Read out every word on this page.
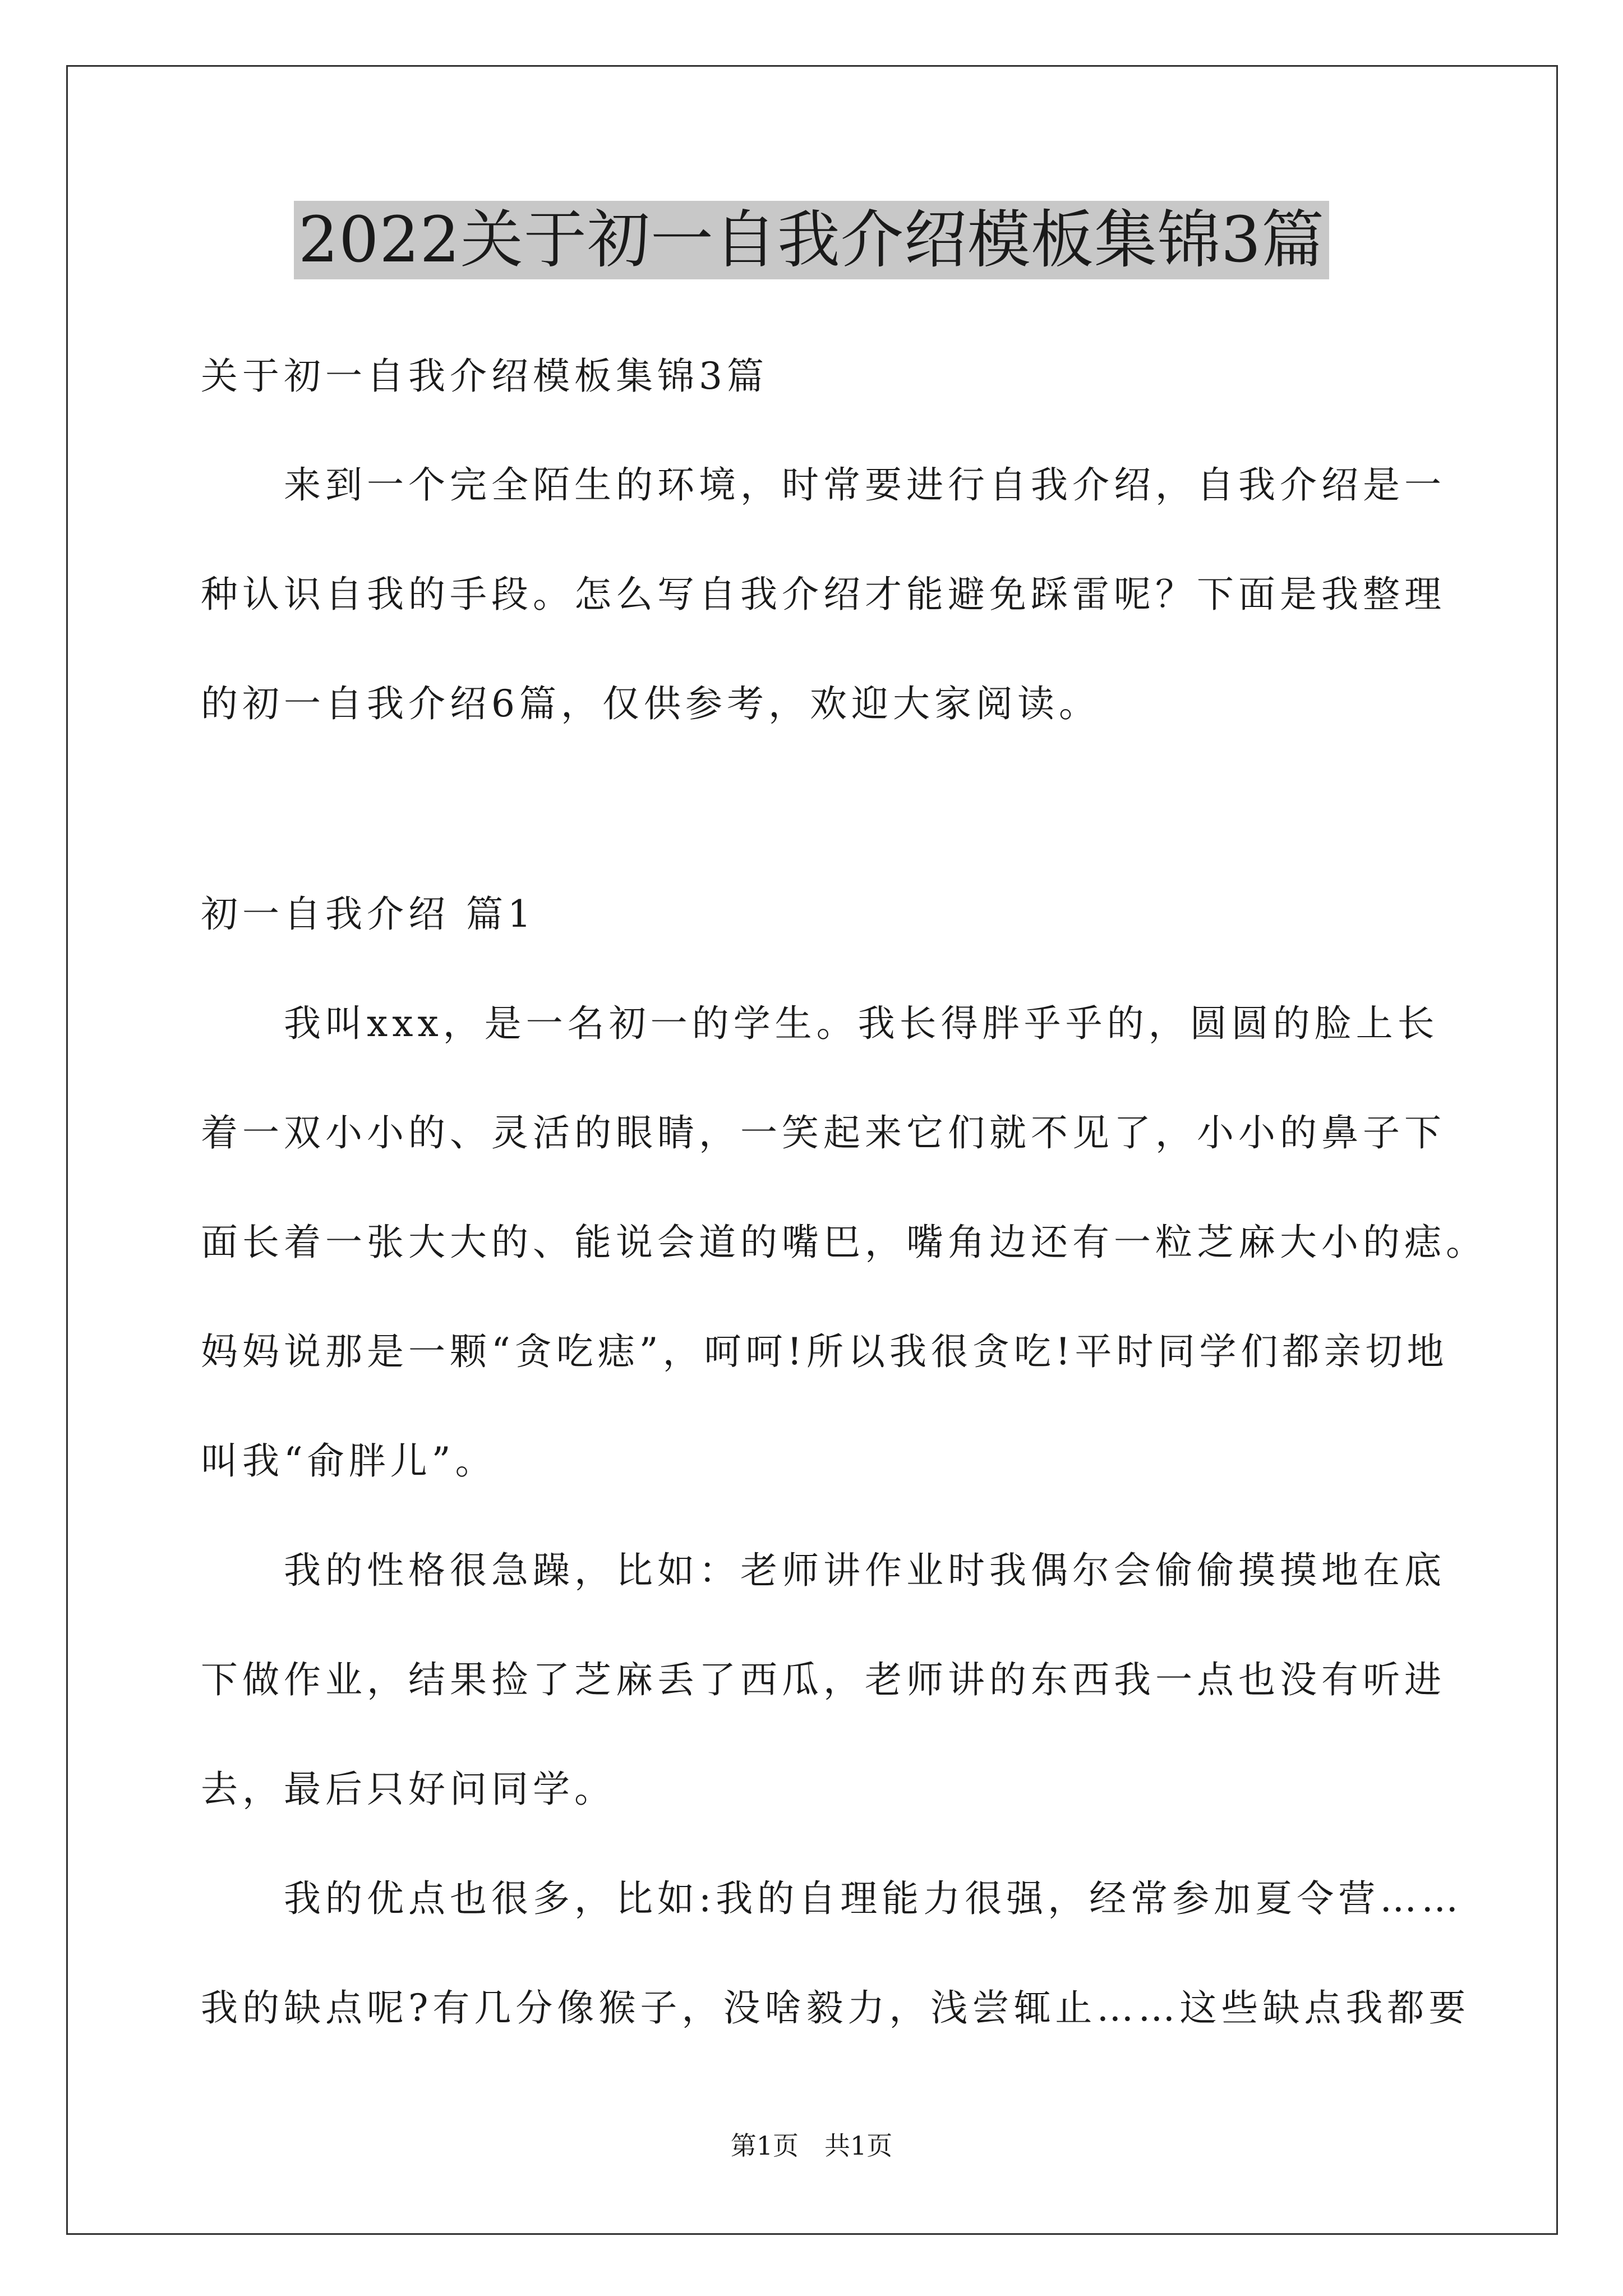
2022关于初一自我介绍模板集锦3篇
关于初一自我介绍模板集锦3篇
　　来到一个完全陌生的环境，时常要进行自我介绍，自我介绍是一
种认识自我的手段。怎么写自我介绍才能避免踩雷呢？下面是我整理
的初一自我介绍6篇，仅供参考，欢迎大家阅读。
初一自我介绍 篇1
　　我叫xxx，是一名初一的学生。我长得胖乎乎的，圆圆的脸上长
着一双小小的、灵活的眼睛，一笑起来它们就不见了，小小的鼻子下
面长着一张大大的、能说会道的嘴巴，嘴角边还有一粒芝麻大小的痣。
妈妈说那是一颗“贪吃痣”，呵呵!所以我很贪吃!平时同学们都亲切地
叫我“俞胖儿”。
　　我的性格很急躁，比如：老师讲作业时我偶尔会偷偷摸摸地在底
下做作业，结果捡了芝麻丢了西瓜，老师讲的东西我一点也没有听进
去，最后只好问同学。
　　我的优点也很多，比如:我的自理能力很强，经常参加夏令营……
我的缺点呢?有几分像猴子，没啥毅力，浅尝辄止……这些缺点我都要
第1页　共1页
